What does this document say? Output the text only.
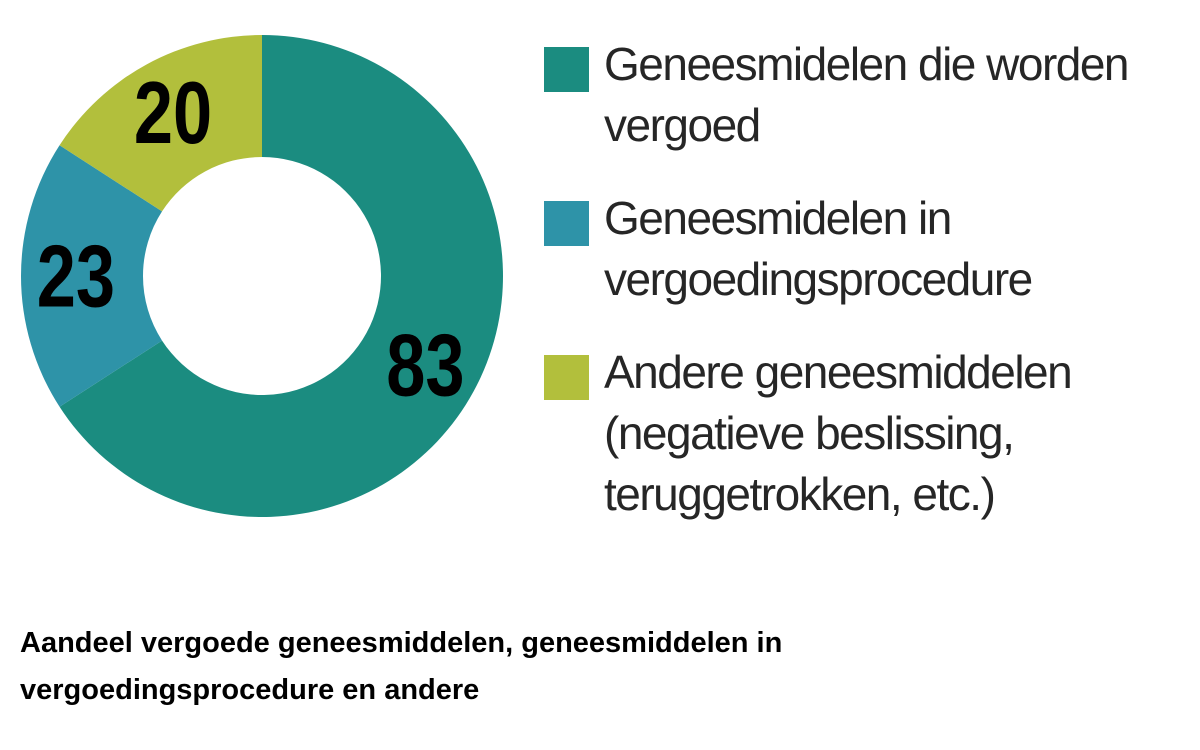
83
23
20	Geneesmidelen die worden vergoed
Geneesmidelen in vergoedingsprocedure
Andere geneesmiddelen (negatieve beslissing, teruggetrokken, etc.)
Aandeel vergoede geneesmiddelen, geneesmiddelen in vergoedingsprocedure en andere
